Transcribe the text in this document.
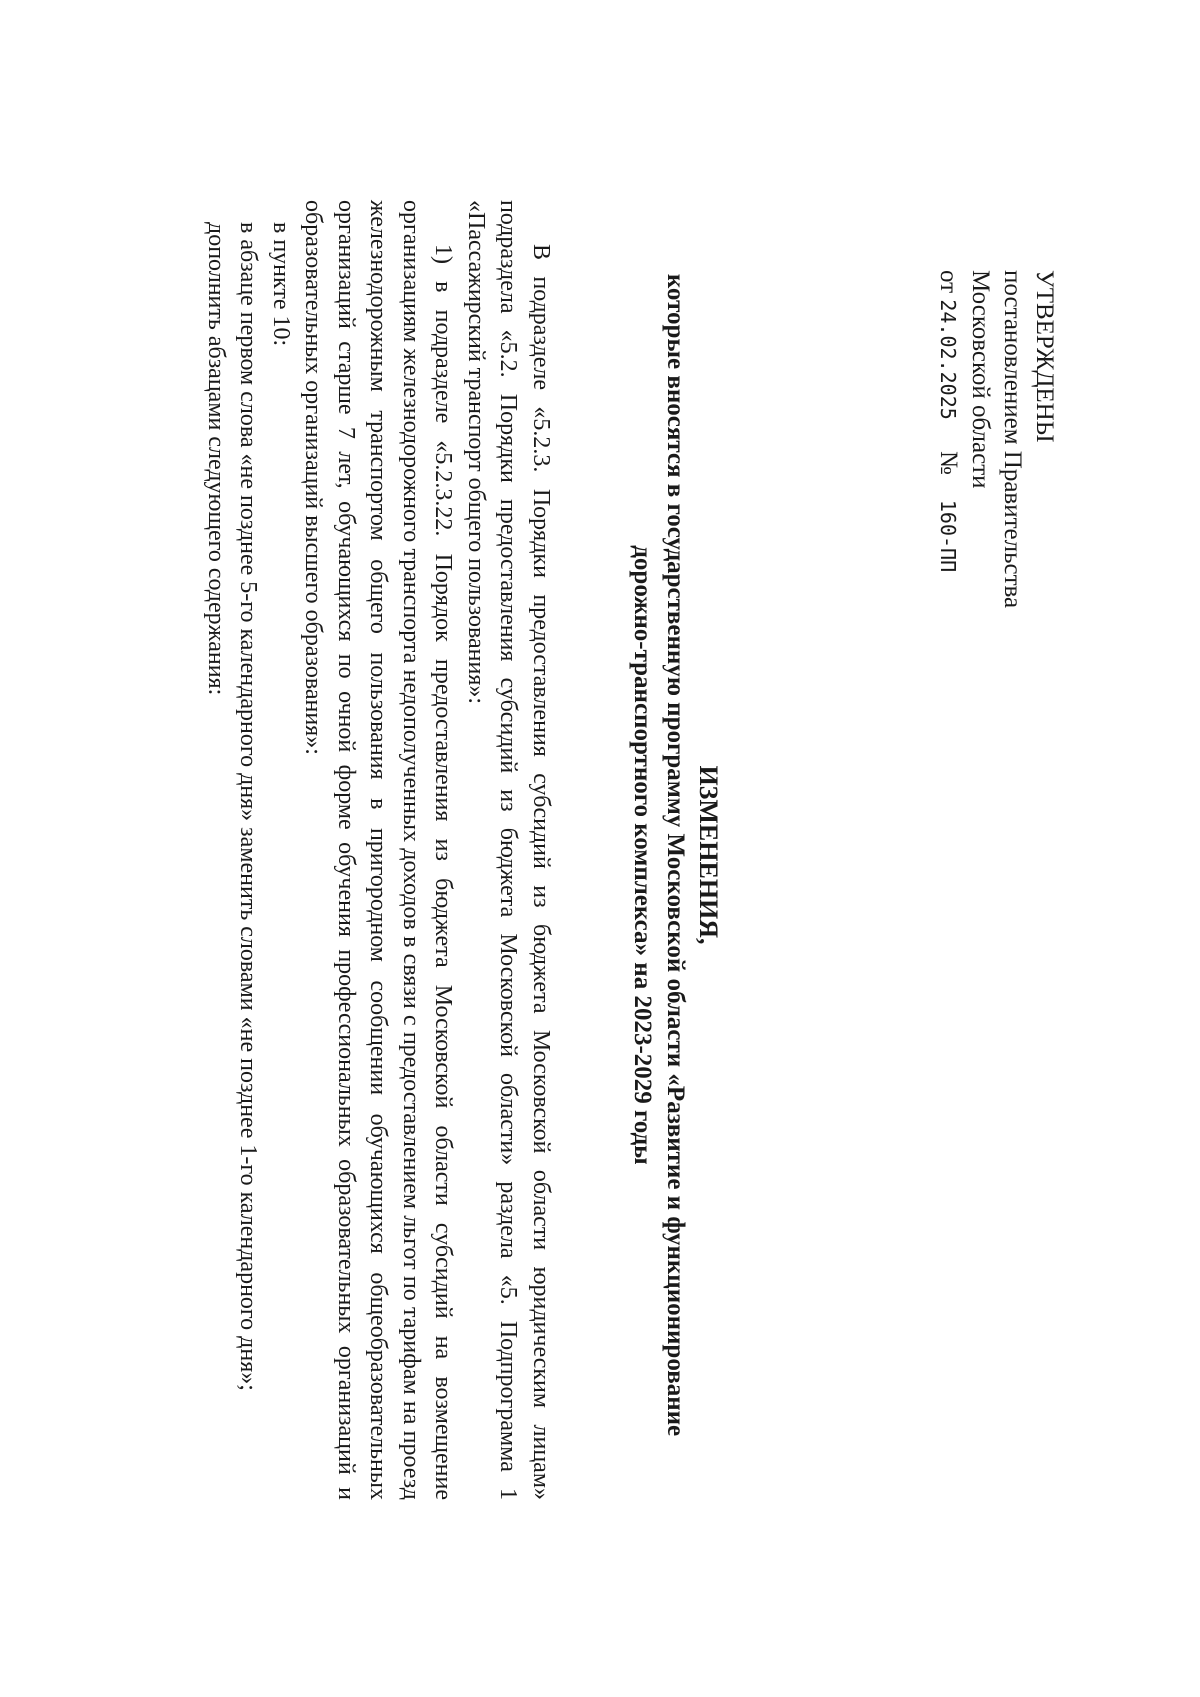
УТВЕРЖДЕНЫ
постановлением Правительства
Московской области
от 24.02.2025     №    160-ПП
ИЗМЕНЕНИЯ,
которые вносятся в государственную программу Московской области «Развитие и функционирование
дорожно-транспортного комплекса» на 2023-2029 годы

В подразделе «5.2.3. Порядки предоставления субсидий из бюджета Московской области юридическим лицам» подраздела «5.2. Порядки предоставления субсидий из бюджета Московской области» раздела «5. Подпрограмма 1 «Пассажирский транспорт общего пользования»:

1) в подразделе «5.2.3.22. Порядок предоставления из бюджета Московской области субсидий на возмещение организациям железнодорожного транспорта недополученных доходов в связи с предоставлением льгот по тарифам на проезд железнодорожным транспортом общего пользования в пригородном сообщении обучающихся общеобразовательных организаций старше 7 лет, обучающихся по очной форме обучения профессиональных образовательных организаций и образовательных организаций высшего образования»:

в пункте 10:

в абзаце первом слова «не позднее 5-го календарного дня» заменить словами «не позднее 1-го календарного дня»;

дополнить абзацами следующего содержания:
